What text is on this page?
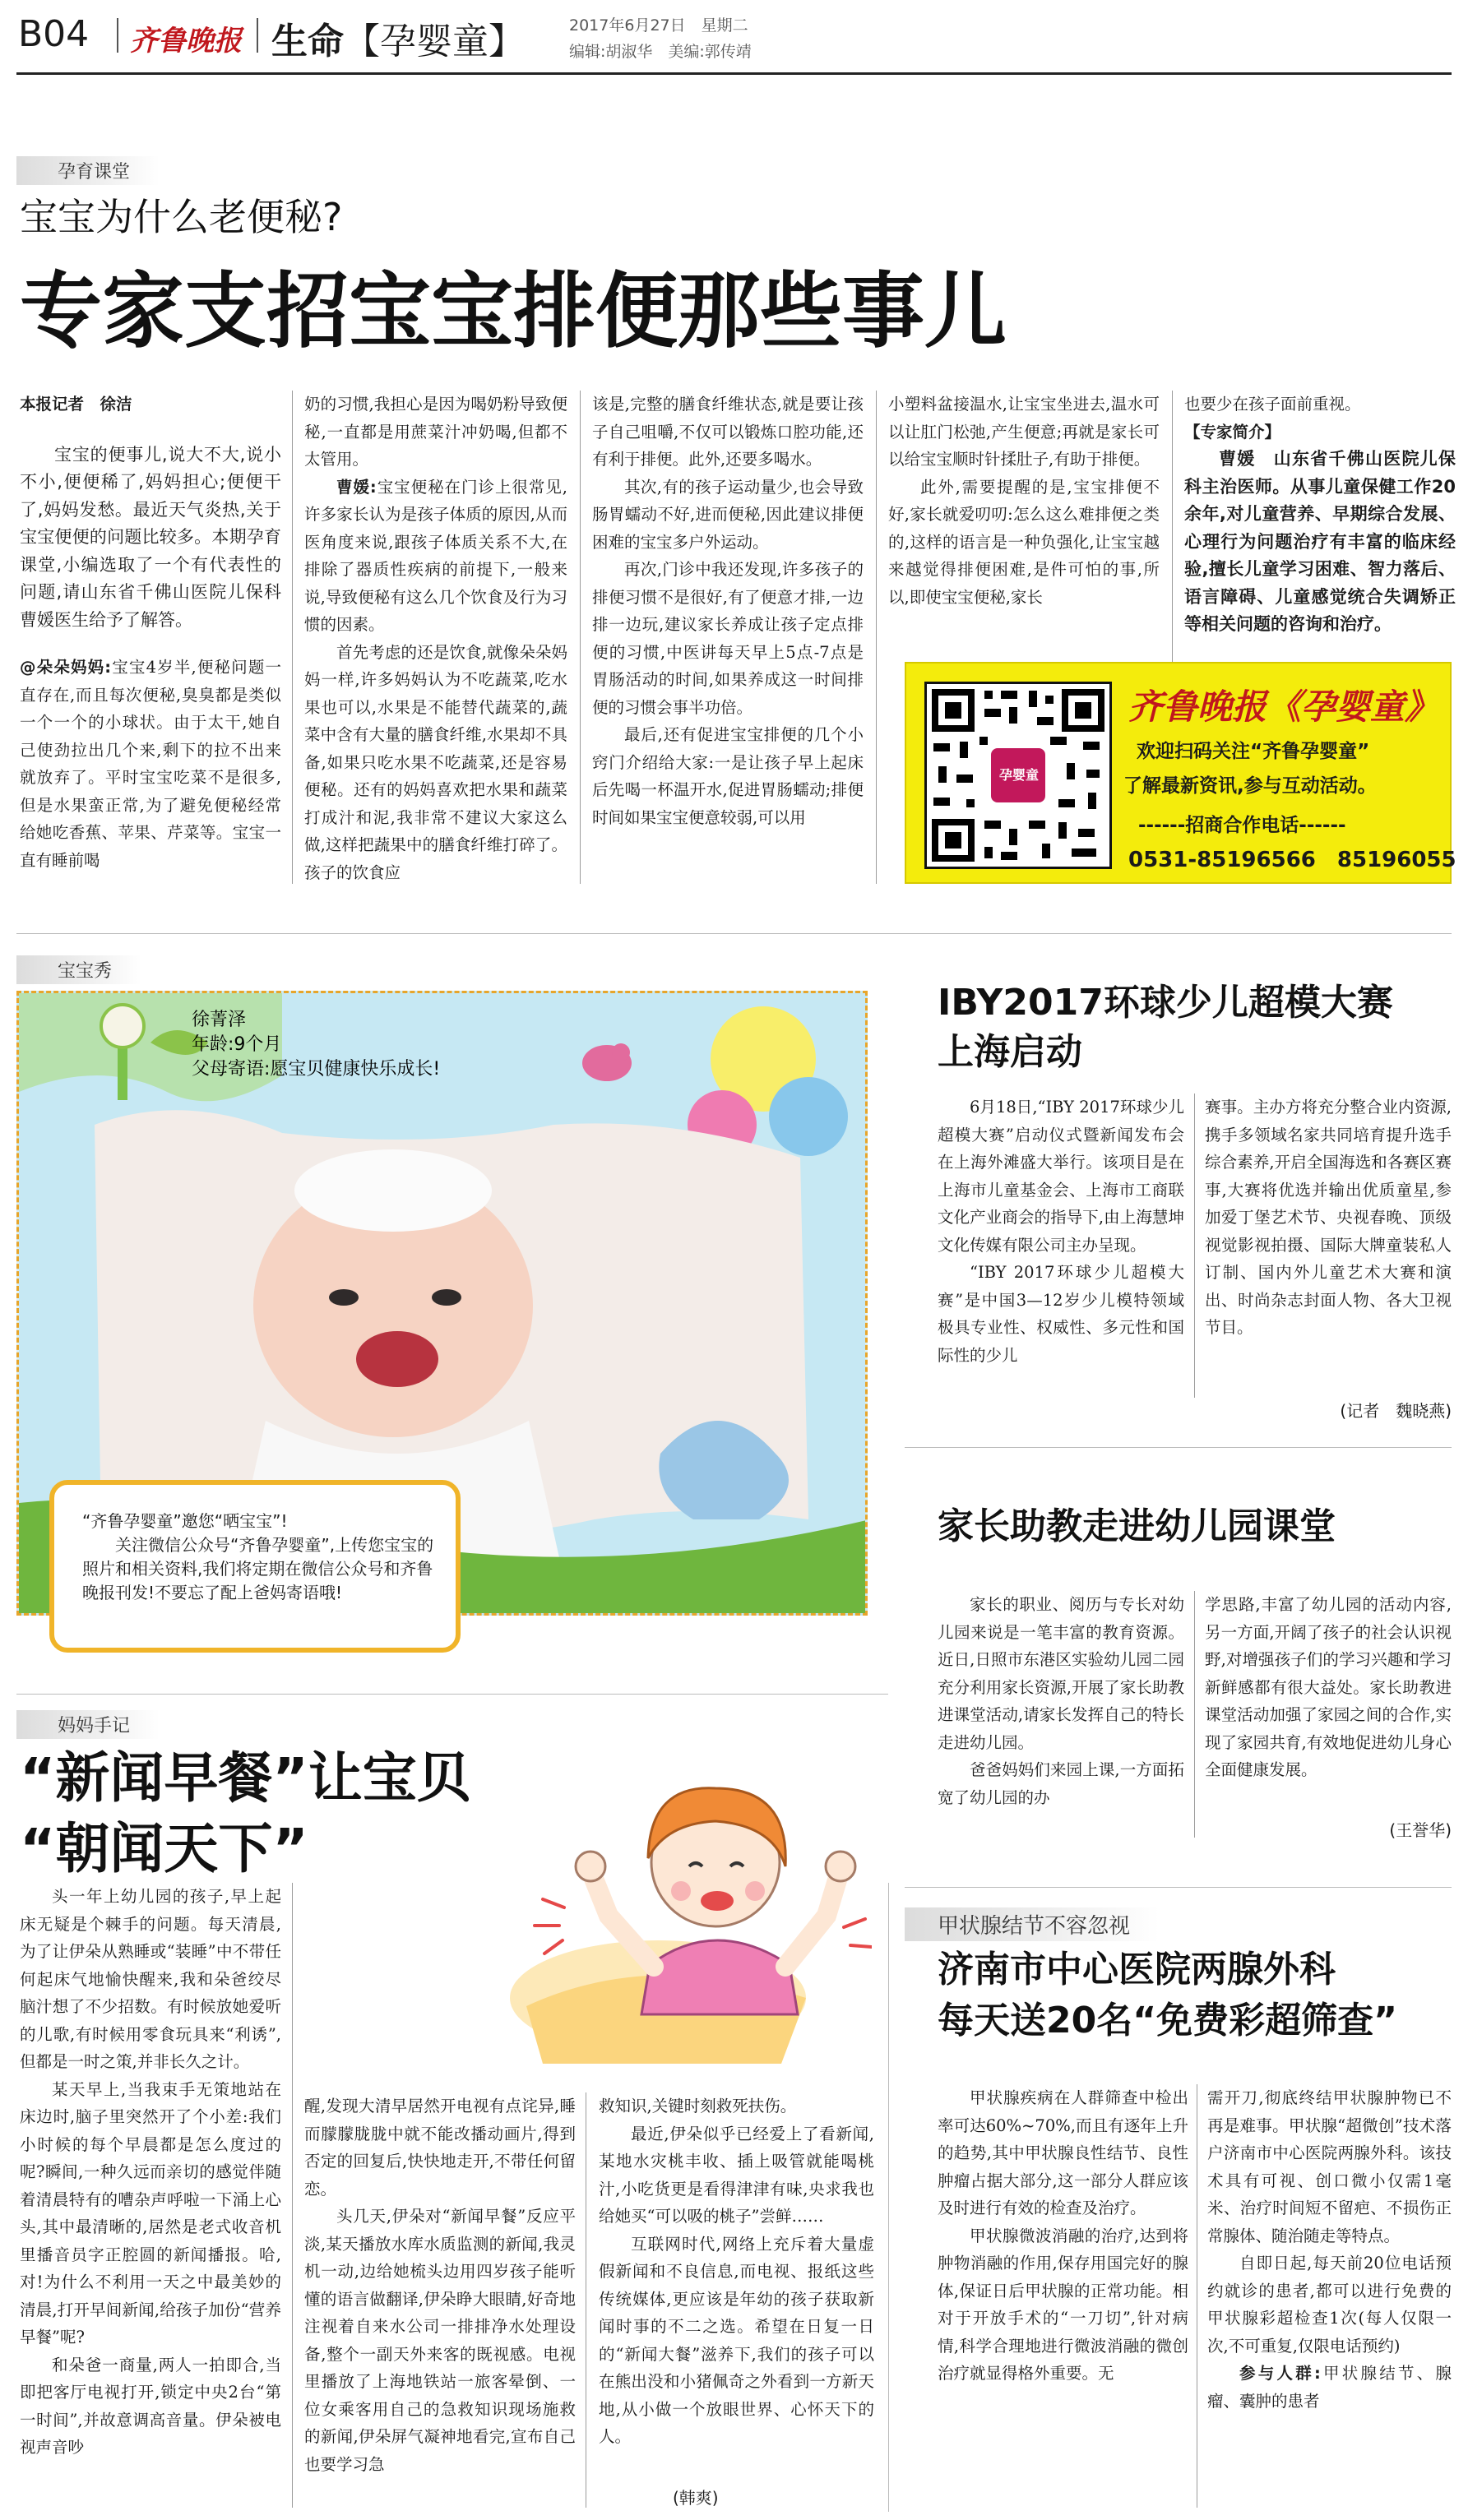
B04 齐鲁晚报 生命【孕婴童】	2017年6月27日　星期二
编辑:胡淑华　美编:郭传靖
孕育课堂
宝宝为什么老便秘?
专家支招宝宝排便那些事儿

本报记者　徐洁

宝宝的便事儿,说大不大,说小不小,便便稀了,妈妈担心;便便干了,妈妈发愁。最近天气炎热,关于宝宝便便的问题比较多。本期孕育课堂,小编选取了一个有代表性的问题,请山东省千佛山医院儿保科曹媛医生给予了解答。

@朵朵妈妈:宝宝4岁半,便秘问题一直存在,而且每次便秘,臭臭都是类似一个一个的小球状。由于太干,她自己使劲拉出几个来,剩下的拉不出来就放弃了。平时宝宝吃菜不是很多,但是水果蛮正常,为了避免便秘经常给她吃香蕉、苹果、芹菜等。宝宝一直有睡前喝

奶的习惯,我担心是因为喝奶粉导致便秘,一直都是用蔗菜汁冲奶喝,但都不太管用。

曹媛:宝宝便秘在门诊上很常见,许多家长认为是孩子体质的原因,从而医角度来说,跟孩子体质关系不大,在排除了器质性疾病的前提下,一般来说,导致便秘有这么几个饮食及行为习惯的因素。

首先考虑的还是饮食,就像朵朵妈妈一样,许多妈妈认为不吃蔬菜,吃水果也可以,水果是不能替代蔬菜的,蔬菜中含有大量的膳食纤维,水果却不具备,如果只吃水果不吃蔬菜,还是容易便秘。还有的妈妈喜欢把水果和蔬菜打成汁和泥,我非常不建议大家这么做,这样把蔬果中的膳食纤维打碎了。孩子的饮食应

该是,完整的膳食纤维状态,就是要让孩子自己咀嚼,不仅可以锻炼口腔功能,还有利于排便。此外,还要多喝水。

其次,有的孩子运动量少,也会导致肠胃蠕动不好,进而便秘,因此建议排便困难的宝宝多户外运动。

再次,门诊中我还发现,许多孩子的排便习惯不是很好,有了便意才排,一边排一边玩,建议家长养成让孩子定点排便的习惯,中医讲每天早上5点-7点是胃肠活动的时间,如果养成这一时间排便的习惯会事半功倍。

最后,还有促进宝宝排便的几个小窍门介绍给大家:一是让孩子早上起床后先喝一杯温开水,促进胃肠蠕动;排便时间如果宝宝便意较弱,可以用

小塑料盆接温水,让宝宝坐进去,温水可以让肛门松弛,产生便意;再就是家长可以给宝宝顺时针揉肚子,有助于排便。

此外,需要提醒的是,宝宝排便不好,家长就爱叨叨:怎么这么难排便之类的,这样的语言是一种负强化,让宝宝越来越觉得排便困难,是件可怕的事,所以,即使宝宝便秘,家长

也要少在孩子面前重视。

【专家简介】

曹媛　 山东省千佛山医院儿保科主治医师。从事儿童保健工作20余年,对儿童营养、早期综合发展、心理行为问题治疗有丰富的临床经验,擅长儿童学习困难、智力落后、语言障碍、儿童感觉统合失调矫正等相关问题的咨询和治疗。
孕婴童
齐鲁晚报《孕婴童》
欢迎扫码关注“齐鲁孕婴童”
了解最新资讯,参与互动活动。
------招商合作电话------
0531-85196566　85196055
宝宝秀
徐菁泽
年龄:9个月
父母寄语:愿宝贝健康快乐成长!
“齐鲁孕婴童”邀您“晒宝宝”!
关注微信公众号“齐鲁孕婴童”,上传您宝宝的照片和相关资料,我们将定期在微信公众号和齐鲁晚报刊发!不要忘了配上爸妈寄语哦!
IBY2017环球少儿超模大赛
上海启动

6月18日,“IBY 2017环球少儿超模大赛”启动仪式暨新闻发布会在上海外滩盛大举行。该项目是在上海市儿童基金会、上海市工商联文化产业商会的指导下,由上海慧坤文化传媒有限公司主办呈现。

“IBY 2017环球少儿超模大赛”是中国3—12岁少儿模特领域极具专业性、权威性、多元性和国际性的少儿

赛事。主办方将充分整合业内资源,携手多领域名家共同培育提升选手综合素养,开启全国海选和各赛区赛事,大赛将优选并输出优质童星,参加爱丁堡艺术节、央视春晚、顶级视觉影视拍摄、国际大牌童装私人订制、国内外儿童艺术大赛和演出、时尚杂志封面人物、各大卫视节目。

(记者　魏晓燕)
家长助教走进幼儿园课堂

家长的职业、阅历与专长对幼儿园来说是一笔丰富的教育资源。近日,日照市东港区实验幼儿园二园充分利用家长资源,开展了家长助教进课堂活动,请家长发挥自己的特长走进幼儿园。

爸爸妈妈们来园上课,一方面拓宽了幼儿园的办

学思路,丰富了幼儿园的活动内容,另一方面,开阔了孩子的社会认识视野,对增强孩子们的学习兴趣和学习新鲜感都有很大益处。家长助教进课堂活动加强了家园之间的合作,实现了家园共育,有效地促进幼儿身心全面健康发展。

(王誉华)
妈妈手记
“新闻早餐”让宝贝
“朝闻天下”

头一年上幼儿园的孩子,早上起床无疑是个棘手的问题。每天清晨,为了让伊朵从熟睡或“装睡”中不带任何起床气地愉快醒来,我和朵爸绞尽脑汁想了不少招数。有时候放她爱听的儿歌,有时候用零食玩具来“利诱”,但都是一时之策,并非长久之计。

某天早上,当我束手无策地站在床边时,脑子里突然开了个小差:我们小时候的每个早晨都是怎么度过的呢?瞬间,一种久远而亲切的感觉伴随着清晨特有的嘈杂声呼啦一下涌上心头,其中最清晰的,居然是老式收音机里播音员字正腔圆的新闻播报。哈,对!为什么不利用一天之中最美妙的清晨,打开早间新闻,给孩子加份“营养早餐”呢?

和朵爸一商量,两人一拍即合,当即把客厅电视打开,锁定中央2台“第一时间”,并故意调高音量。伊朵被电视声音吵

醒,发现大清早居然开电视有点诧异,睡而朦朦胧胧中就不能改播动画片,得到否定的回复后,快快地走开,不带任何留恋。

头几天,伊朵对“新闻早餐”反应平淡,某天播放水库水质监测的新闻,我灵机一动,边给她梳头边用四岁孩子能听懂的语言做翻译,伊朵睁大眼睛,好奇地注视着自来水公司一排排净水处理设备,整个一副天外来客的既视感。电视里播放了上海地铁站一旅客晕倒、一位女乘客用自己的急救知识现场施救的新闻,伊朵屏气凝神地看完,宣布自己也要学习急

救知识,关键时刻救死扶伤。

最近,伊朵似乎已经爱上了看新闻,某地水灾桃丰收、插上吸管就能喝桃汁,小吃货更是看得津津有味,央求我也给她买“可以吸的桃子”尝鲜……

互联网时代,网络上充斥着大量虚假新闻和不良信息,而电视、报纸这些传统媒体,更应该是年幼的孩子获取新闻时事的不二之选。希望在日复一日的“新闻大餐”滋养下,我们的孩子可以在熊出没和小猪佩奇之外看到一方新天地,从小做一个放眼世界、心怀天下的人。

(韩爽)
甲状腺结节不容忽视
济南市中心医院两腺外科
每天送20名“免费彩超筛查”

甲状腺疾病在人群筛查中检出率可达60%~70%,而且有逐年上升的趋势,其中甲状腺良性结节、良性肿瘤占据大部分,这一部分人群应该及时进行有效的检查及治疗。

甲状腺微波消融的治疗,达到将肿物消融的作用,保存用国完好的腺体,保证日后甲状腺的正常功能。相对于开放手术的“一刀切”,针对病情,科学合理地进行微波消融的微创治疗就显得格外重要。无

需开刀,彻底终结甲状腺肿物已不再是难事。甲状腺“超微创”技术落户济南市中心医院两腺外科。该技术具有可视、创口微小仅需1毫米、治疗时间短不留疤、不损伤正常腺体、随治随走等特点。

自即日起,每天前20位电话预约就诊的患者,都可以进行免费的甲状腺彩超检查1次(每人仅限一次,不可重复,仅限电话预约)

参与人群:甲状腺结节、腺瘤、囊肿的患者
